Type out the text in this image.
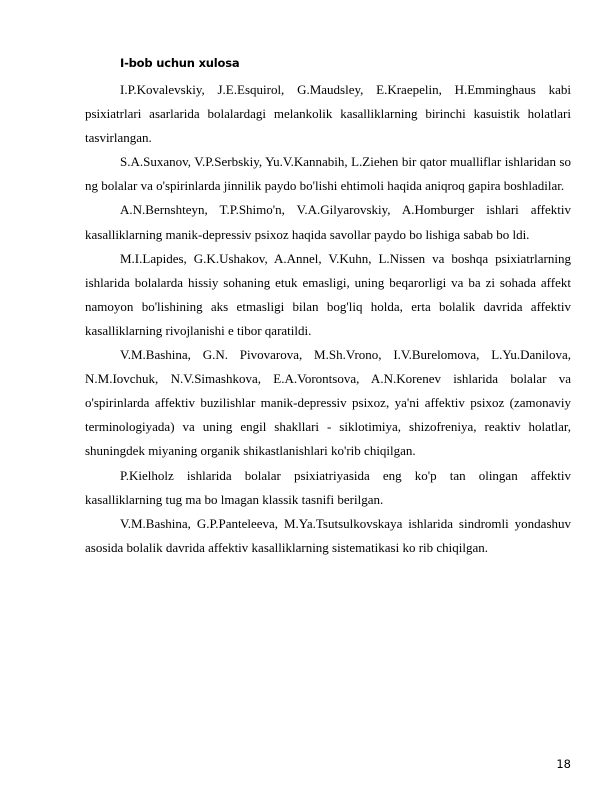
I-bob uchun xulosa

I.P.Kovalevskiy, J.E.Esquirol, G.Maudsley, E.Kraepelin, H.Emminghaus kabi psixiatrlari asarlarida bolalardagi melankolik kasalliklarning birinchi kasuistik holatlari tasvirlangan.

S.A.Suxanov, V.P.Serbskiy, Yu.V.Kannabih, L.Ziehen bir qator mualliflar ishlaridan so ng bolalar va o'spirinlarda jinnilik paydo bo'lishi ehtimoli haqida aniqroq gapira boshladilar.

A.N.Bernshteyn, T.P.Shimo'n, V.A.Gilyarovskiy, A.Homburger ishlari affektiv kasalliklarning manik-depressiv psixoz haqida savollar paydo bo lishiga sabab bo ldi.

M.I.Lapides, G.K.Ushakov, A.Annel, V.Kuhn, L.Nissen va boshqa psixiatrlarning ishlarida bolalarda hissiy sohaning etuk emasligi, uning beqarorligi va ba zi sohada affekt namoyon bo'lishining aks etmasligi bilan bog'liq holda, erta bolalik davrida affektiv kasalliklarning rivojlanishi e tibor qaratildi.

V.M.Bashina, G.N. Pivovarova, M.Sh.Vrono, I.V.Burelomova, L.Yu.Danilova, N.M.Iovchuk, N.V.Simashkova, E.A.Vorontsova, A.N.Korenev ishlarida bolalar va o'spirinlarda affektiv buzilishlar manik-depressiv psixoz, ya'ni affektiv psixoz (zamonaviy terminologiyada) va uning engil shakllari - siklotimiya, shizofreniya, reaktiv holatlar, shuningdek miyaning organik shikastlanishlari ko'rib chiqilgan.

P.Kielholz ishlarida bolalar psixiatriyasida eng ko'p tan olingan affektiv kasalliklarning tug ma bo lmagan klassik tasnifi berilgan.

V.M.Bashina, G.P.Panteleeva, M.Ya.Tsutsulkovskaya ishlarida sindromli yondashuv asosida bolalik davrida affektiv kasalliklarning sistematikasi ko rib chiqilgan.

18
